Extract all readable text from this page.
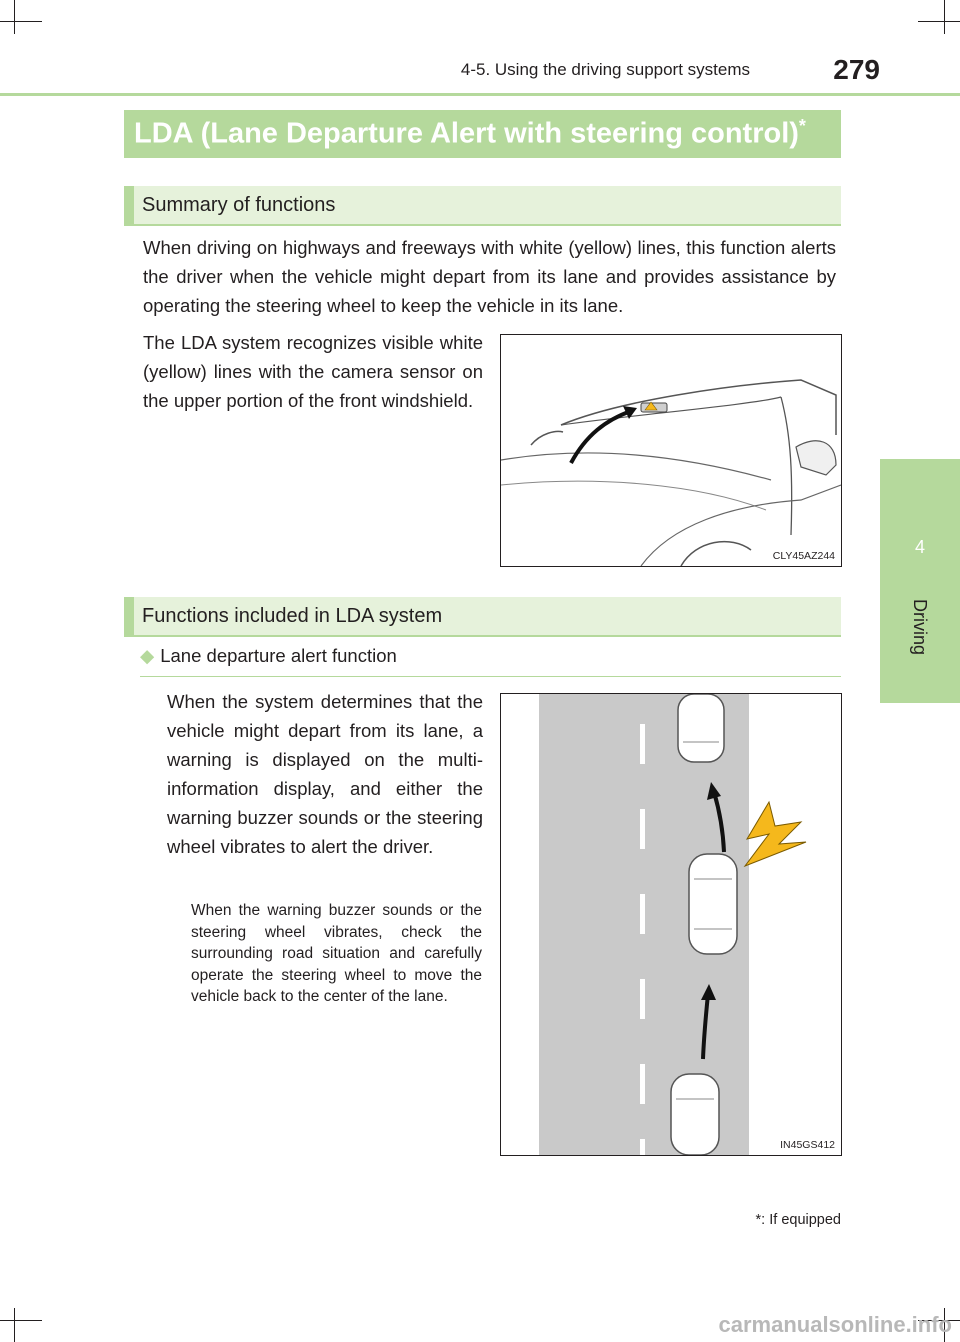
4-5. Using the driving support systems	279
4
Driving
LDA (Lane Departure Alert with steering control)*
Summary of functions
When driving on highways and freeways with white (yellow) lines, this function alerts the driver when the vehicle might depart from its lane and provides assistance by operating the steering wheel to keep the vehicle in its lane.
The LDA system recognizes visible white (yellow) lines with the camera sensor on the upper portion of the front windshield.
CLY45AZ244
Functions included in LDA system
◆ Lane departure alert function
When the system determines that the vehicle might depart from its lane, a warning is displayed on the multi-information display, and either the warning buzzer sounds or the steering wheel vibrates to alert the driver.
When the warning buzzer sounds or the steering wheel vibrates, check the surrounding road situation and carefully operate the steering wheel to move the vehicle back to the center of the lane.
IN45GS412
*: If equipped
carmanualsonline.info
